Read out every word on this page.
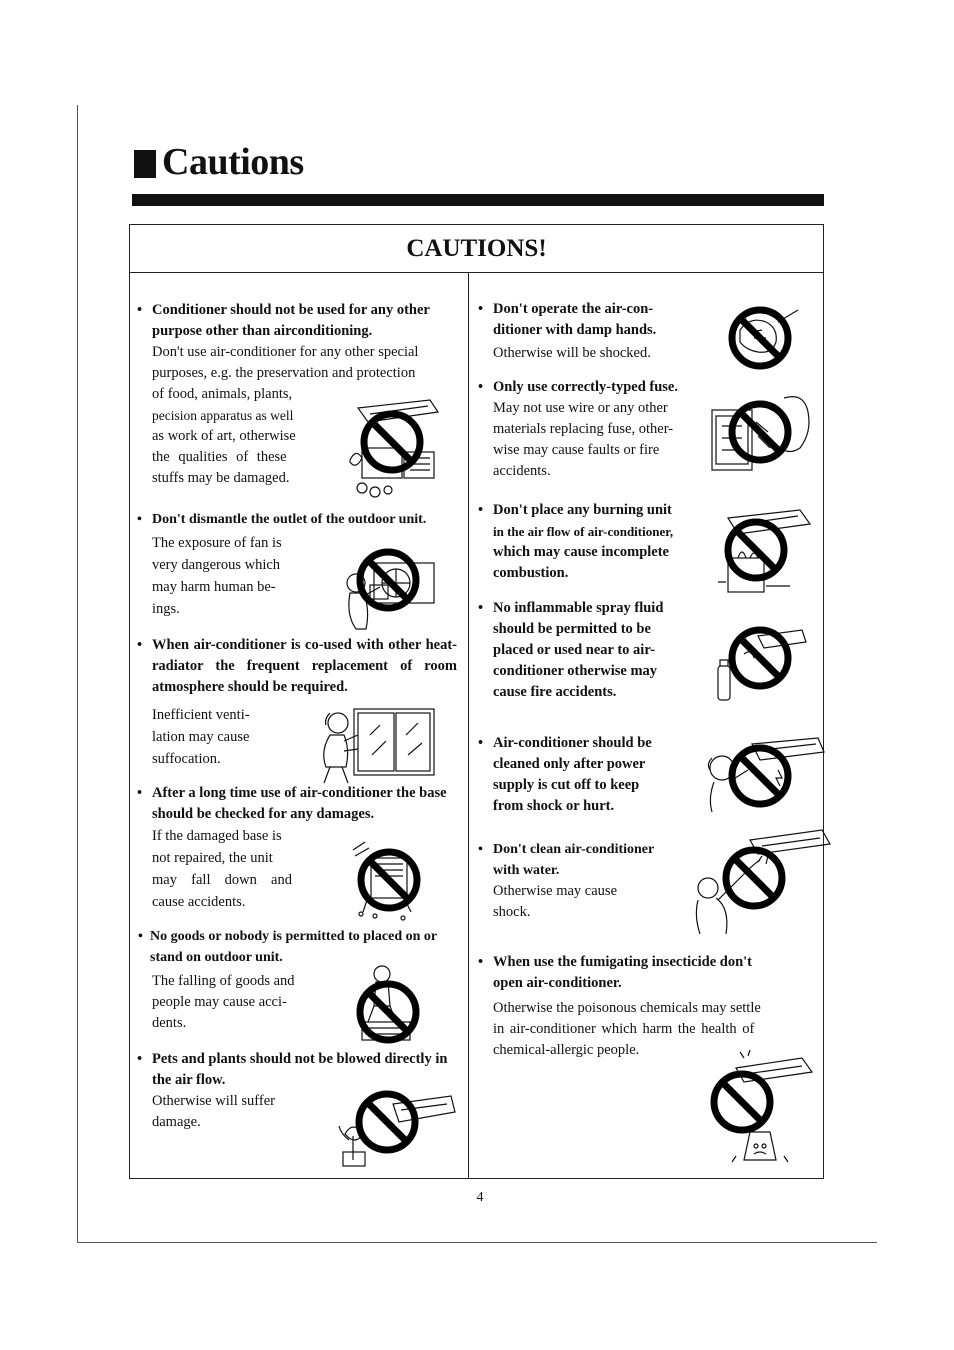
Cautions
CAUTIONS!
• Conditioner should not be used for any other purpose other than airconditioning.
Don't use air-conditioner for any other special
purposes, e.g. the preservation and protection
of food, animals, plants,
pecision apparatus as well
as work of art, otherwise
the qualities of these
stuffs may be damaged.
• Don't dismantle the outlet of the outdoor unit.
The exposure of fan is
very dangerous which
may harm human be-
ings.
• When air-conditioner is co-used with other heat-radiator the frequent replacement of room atmosphere should be required.
Inefficient venti-
lation may cause
suffocation.
• After a long time use of air-conditioner the base should be checked for any damages.
If the damaged base is
not repaired, the unit
may fall down and
cause accidents.
• No goods or nobody is permitted to placed on or stand on outdoor unit.
The falling of goods and
people may cause acci-
dents.
• Pets and plants should not be blowed directly in the air flow.
Otherwise will suffer
damage.
• Don't operate the air-con-
ditioner with damp hands.
Otherwise will be shocked.
• Only use correctly-typed fuse.
May not use wire or any other
materials replacing fuse, other-
wise may cause faults or fire
accidents.
• Don't place any burning unit
in the air flow of air-conditioner,
which may cause incomplete
combustion.
• No inflammable spray fluid
should be permitted to be
placed or used near to air-
conditioner otherwise may
cause fire accidents.
• Air-conditioner should be
cleaned only after power
supply is cut off to keep
from shock or hurt.
• Don't clean air-conditioner
with water.
Otherwise may cause
shock.
• When use the fumigating insecticide don't
open air-conditioner.
Otherwise the poisonous chemicals may settle
in air-conditioner which harm the health of
chemical-allergic people.
4
